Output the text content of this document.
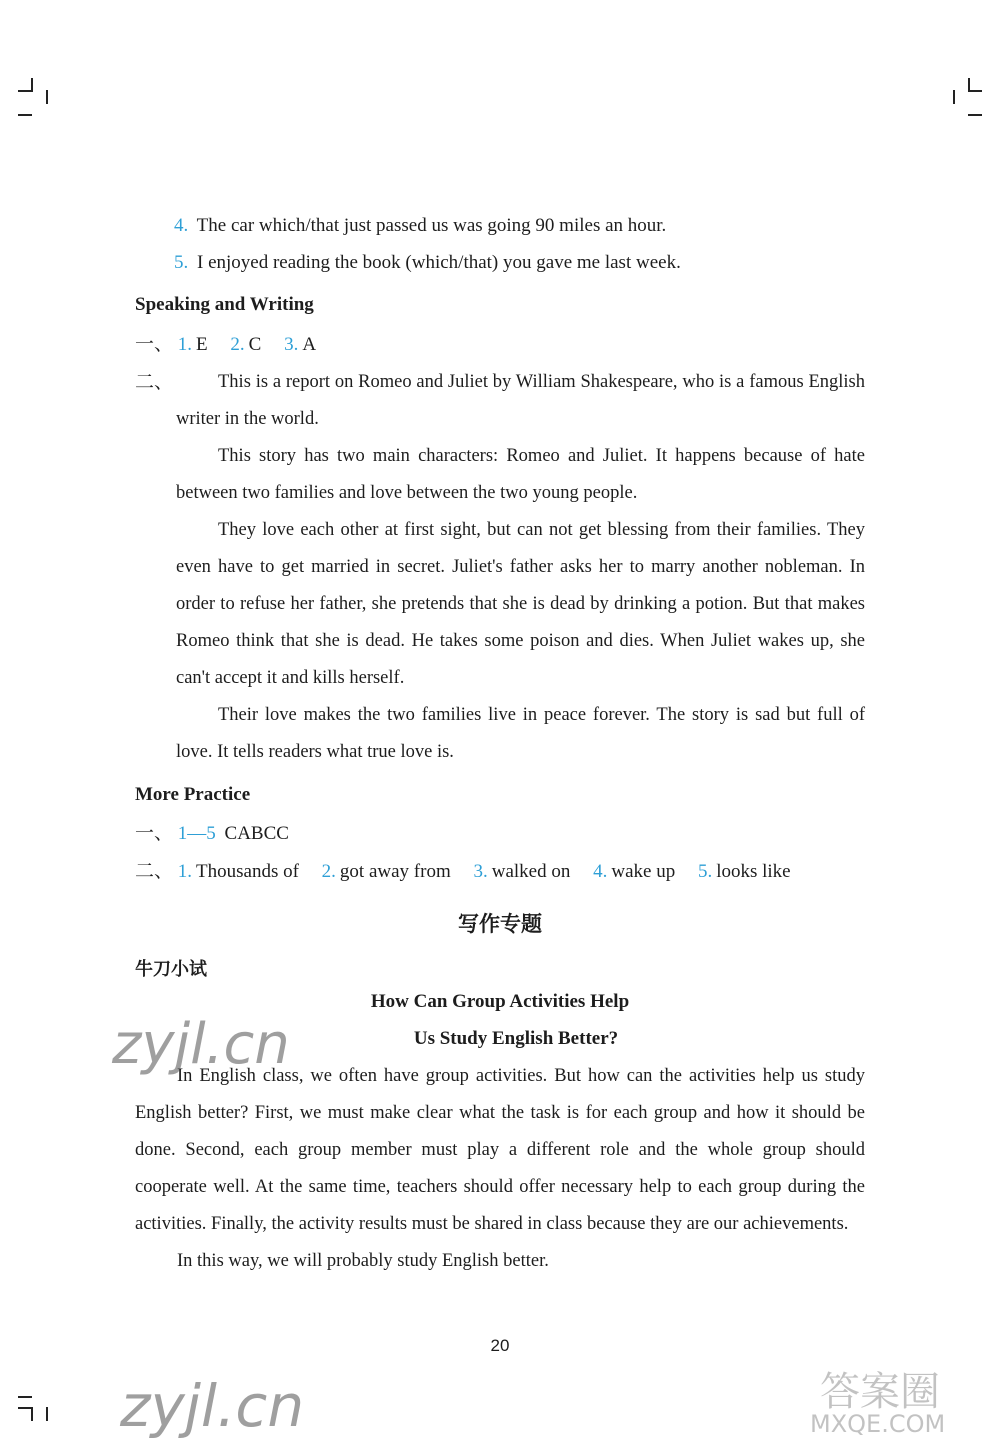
4. The car which/that just passed us was going 90 miles an hour.
5. I enjoyed reading the book (which/that) you gave me last week.
Speaking and Writing
一、 1. E 2. C 3. A
二、	This is a report on Romeo and Juliet by William Shakespeare, who is a famous English writer in the world.

This story has two main characters: Romeo and Juliet. It happens because of hate between two families and love between the two young people.

They love each other at first sight, but can not get blessing from their families. They even have to get married in secret. Juliet's father asks her to marry another nobleman. In order to refuse her father, she pretends that she is dead by drinking a potion. But that makes Romeo think that she is dead. He takes some poison and dies. When Juliet wakes up, she can't accept it and kills herself.

Their love makes the two families live in peace forever. The story is sad but full of love. It tells readers what true love is.

More Practice
一、 1—5 CABCC
二、 1. Thousands of 2. got away from 3. walked on 4. wake up 5. looks like
写作专题
牛刀小试
How Can Group Activities Help
Us Study English Better?

In English class, we often have group activities. But how can the activities help us study English better? First, we must make clear what the task is for each group and how it should be done. Second, each group member must play a different role and the whole group should cooperate well. At the same time, teachers should offer necessary help to each group during the activities. Finally, the activity results must be shared in class because they are our achievements.

In this way, we will probably study English better.

20
zyjl.cn
zyjl.cn	答案圈
MXQE.COM
